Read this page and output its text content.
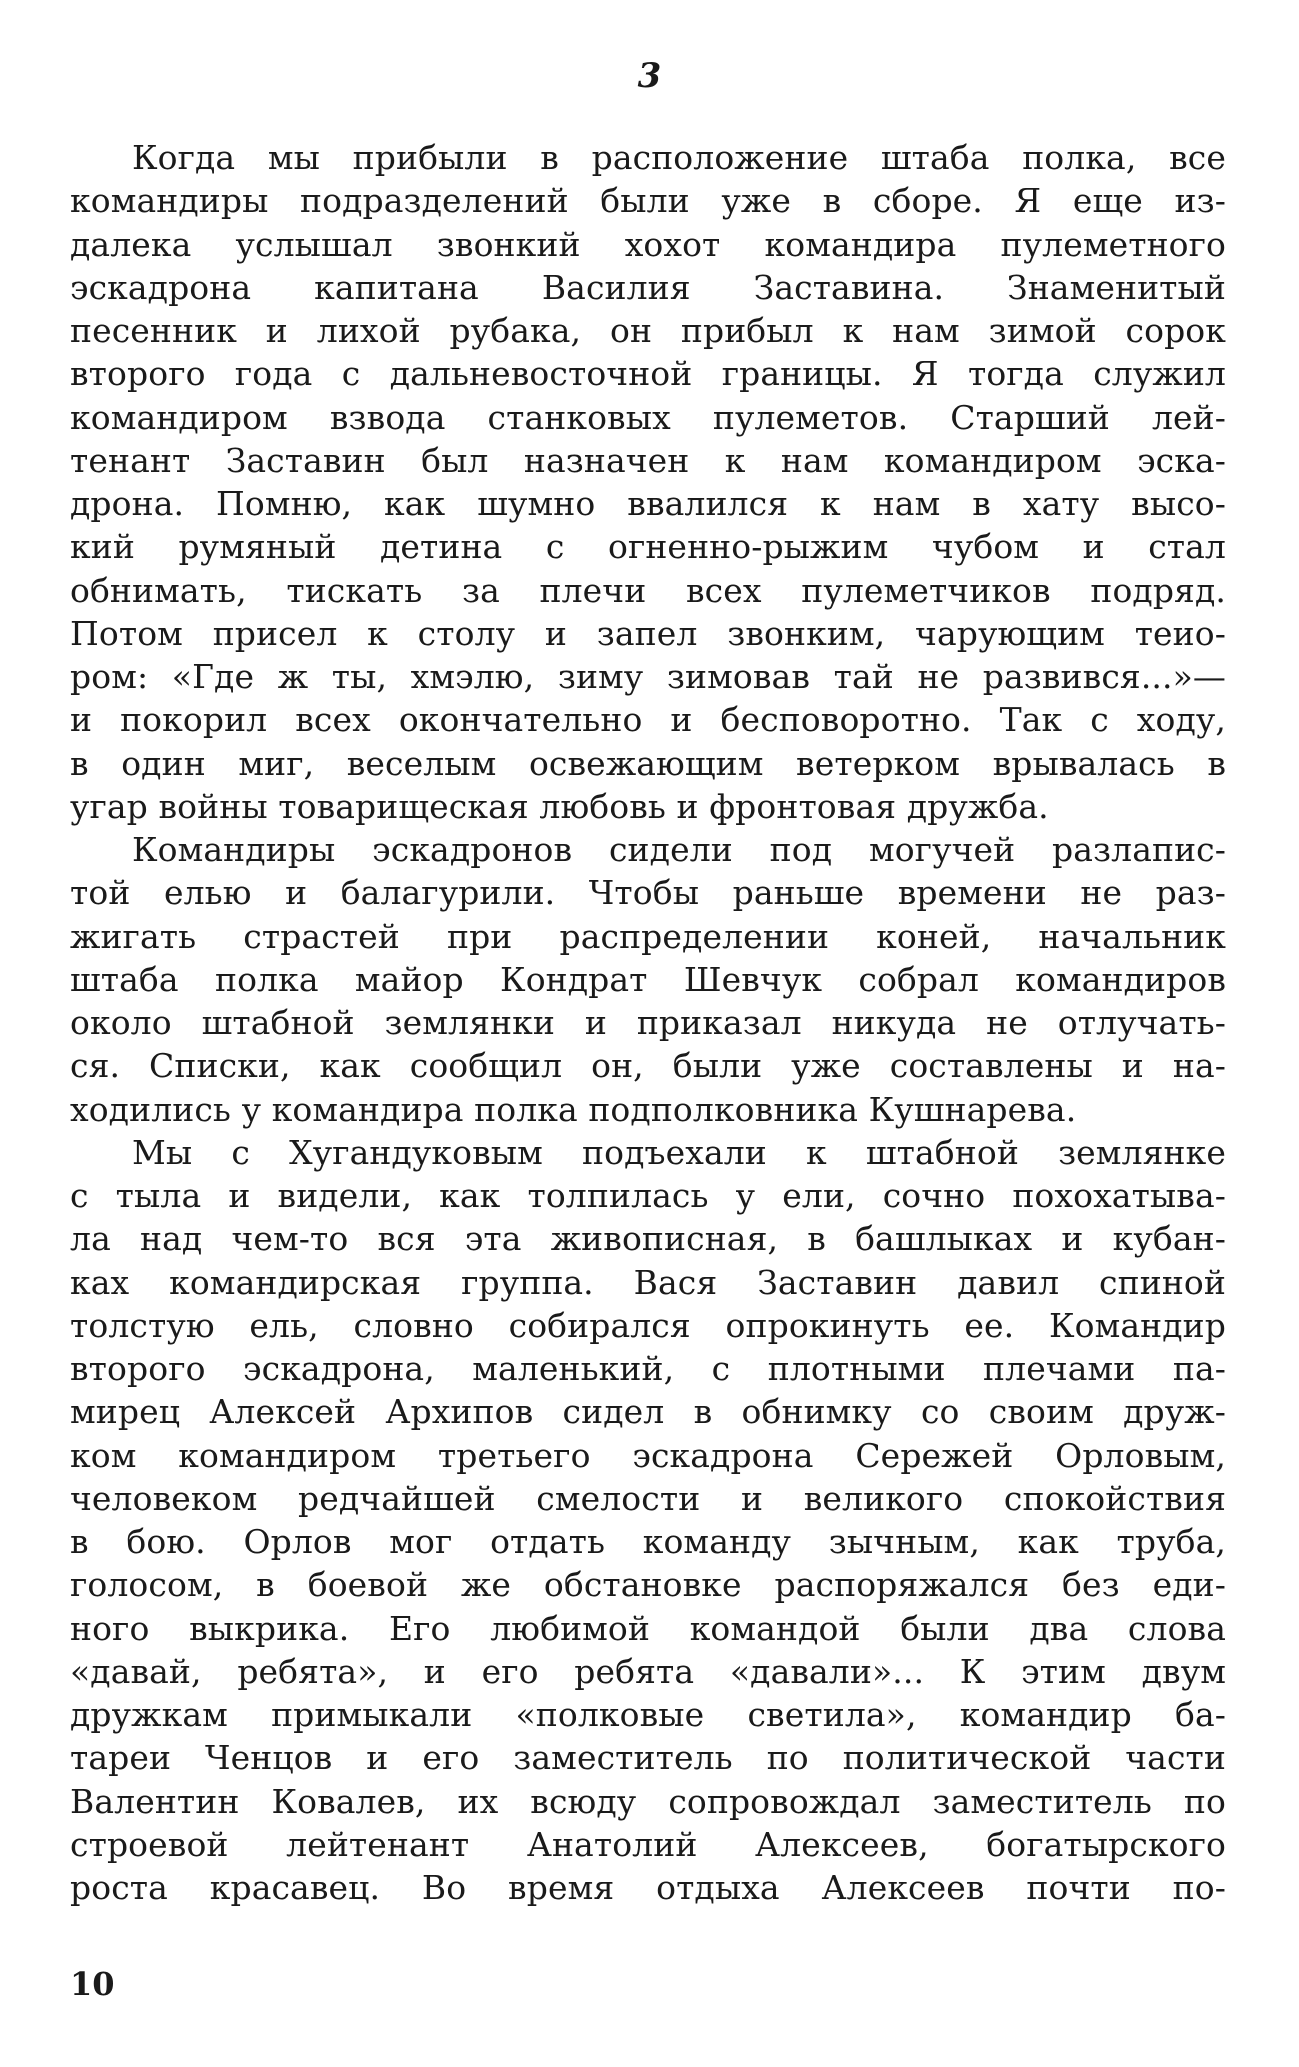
3
Когда мы прибыли в расположение штаба полка, все
командиры подразделений были уже в сборе. Я еще из-
далека услышал звонкий хохот командира пулеметного
эскадрона капитана Василия Заставина. Знаменитый
песенник и лихой рубака, он прибыл к нам зимой сорок
второго года с дальневосточной границы. Я тогда служил
командиром взвода станковых пулеметов. Старший лей-
тенант Заставин был назначен к нам командиром эска-
дрона. Помню, как шумно ввалился к нам в хату высо-
кий румяный детина с огненно-рыжим чубом и стал
обнимать, тискать за плечи всех пулеметчиков подряд.
Потом присел к столу и запел звонким, чарующим теио-
ром: «Где ж ты, хмэлю, зиму зимовав тай не развився...»—
и покорил всех окончательно и бесповоротно. Так с ходу,
в один миг, веселым освежающим ветерком врывалась в
угар войны товарищеская любовь и фронтовая дружба.
Командиры эскадронов сидели под могучей разлапис-
той елью и балагурили. Чтобы раньше времени не раз-
жигать страстей при распределении коней, начальник
штаба полка майор Кондрат Шевчук собрал командиров
около штабной землянки и приказал никуда не отлучать-
ся. Списки, как сообщил он, были уже составлены и на-
ходились у командира полка подполковника Кушнарева.
Мы с Хугандуковым подъехали к штабной землянке
с тыла и видели, как толпилась у ели, сочно похохатыва-
ла над чем-то вся эта живописная, в башлыках и кубан-
ках командирская группа. Вася Заставин давил спиной
толстую ель, словно собирался опрокинуть ее. Командир
второго эскадрона, маленький, с плотными плечами па-
мирец Алексей Архипов сидел в обнимку со своим друж-
ком командиром третьего эскадрона Сережей Орловым,
человеком редчайшей смелости и великого спокойствия
в бою. Орлов мог отдать команду зычным, как труба,
голосом, в боевой же обстановке распоряжался без еди-
ного выкрика. Его любимой командой были два слова
«давай, ребята», и его ребята «давали»... К этим двум
дружкам примыкали «полковые светила», командир ба-
тареи Ченцов и его заместитель по политической части
Валентин Ковалев, их всюду сопровождал заместитель по
строевой лейтенант Анатолий Алексеев, богатырского
роста красавец. Во время отдыха Алексеев почти по-
10
